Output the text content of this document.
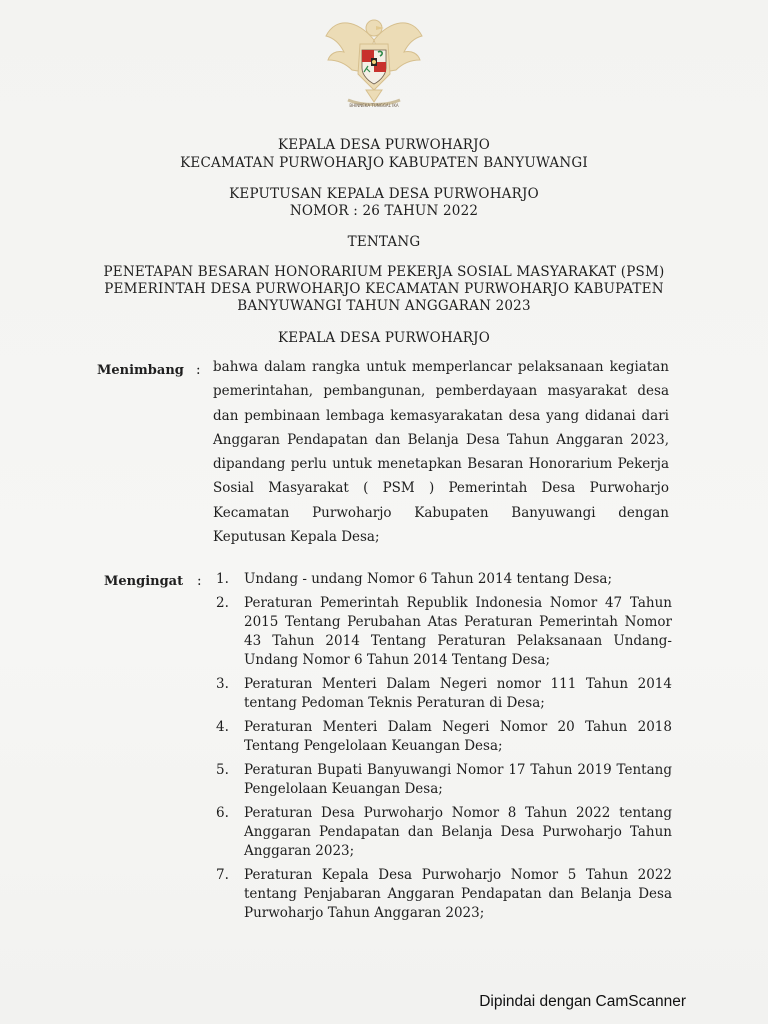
BHINNEKA TUNGGAL IKA
KEPALA DESA PURWOHARJO
KECAMATAN PURWOHARJO KABUPATEN BANYUWANGI
KEPUTUSAN KEPALA DESA PURWOHARJO
NOMOR : 26 TAHUN 2022
TENTANG
PENETAPAN BESARAN HONORARIUM PEKERJA SOSIAL MASYARAKAT (PSM)
PEMERINTAH DESA PURWOHARJO KECAMATAN PURWOHARJO KABUPATEN
BANYUWANGI TAHUN ANGGARAN 2023
KEPALA DESA PURWOHARJO
Menimbang : bahwa dalam rangka untuk memperlancar pelaksanaan kegiatan pemerintahan, pembangunan, pemberdayaan masyarakat desa dan pembinaan lembaga kemasyarakatan desa yang didanai dari Anggaran Pendapatan dan Belanja Desa Tahun Anggaran 2023, dipandang perlu untuk menetapkan Besaran Honorarium Pekerja Sosial Masyarakat ( PSM ) Pemerintah Desa Purwoharjo Kecamatan Purwoharjo Kabupaten Banyuwangi dengan Keputusan Kepala Desa;
Mengingat : 1. Undang - undang Nomor 6 Tahun 2014 tentang Desa;
2. Peraturan Pemerintah Republik Indonesia Nomor 47 Tahun 2015 Tentang Perubahan Atas Peraturan Pemerintah Nomor 43 Tahun 2014 Tentang Peraturan Pelaksanaan Undang-Undang Nomor 6 Tahun 2014 Tentang Desa;
3. Peraturan Menteri Dalam Negeri nomor 111 Tahun 2014 tentang Pedoman Teknis Peraturan di Desa;
4. Peraturan Menteri Dalam Negeri Nomor 20 Tahun 2018 Tentang Pengelolaan Keuangan Desa;
5. Peraturan Bupati Banyuwangi Nomor 17 Tahun 2019 Tentang Pengelolaan Keuangan Desa;
6. Peraturan Desa Purwoharjo Nomor 8 Tahun 2022 tentang Anggaran Pendapatan dan Belanja Desa Purwoharjo Tahun Anggaran 2023;
7. Peraturan Kepala Desa Purwoharjo Nomor 5 Tahun 2022 tentang Penjabaran Anggaran Pendapatan dan Belanja Desa Purwoharjo Tahun Anggaran 2023;
Dipindai dengan CamScanner
